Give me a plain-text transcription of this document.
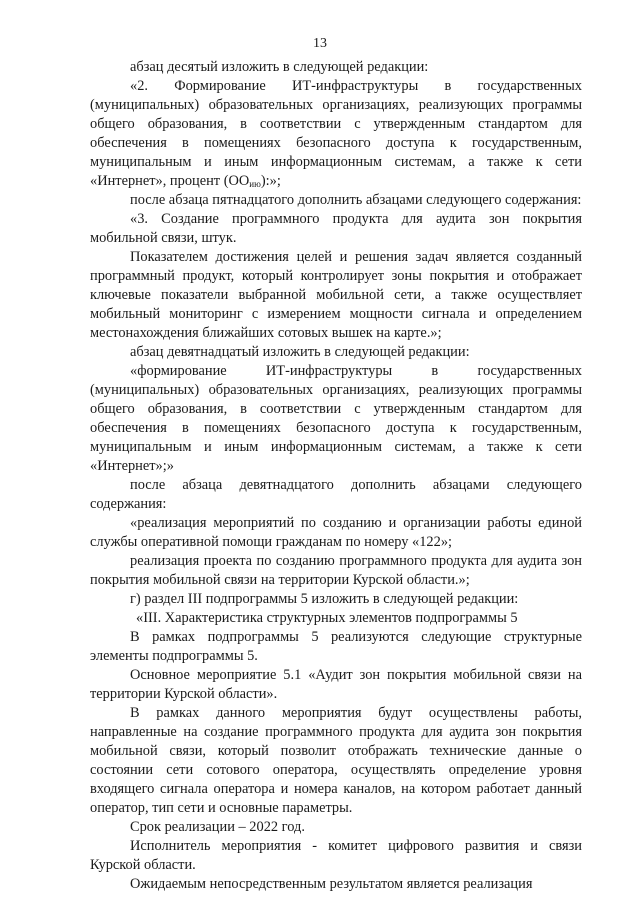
13

абзац десятый изложить в следующей редакции:

«2. Формирование ИТ-инфраструктуры в государственных (муниципальных) образовательных организациях, реализующих программы общего образования, в соответствии с утвержденным стандартом для обеспечения в помещениях безопасного доступа к государственным, муниципальным и иным информационным системам, а также к сети «Интернет», процент $(ОО_{ию})$:»;

после абзаца пятнадцатого дополнить абзацами следующего содержания:

«3. Создание программного продукта для аудита зон покрытия мобильной связи, штук.

Показателем достижения целей и решения задач является созданный программный продукт, который контролирует зоны покрытия и отображает ключевые показатели выбранной мобильной сети, а также осуществляет мобильный мониторинг с измерением мощности сигнала и определением местонахождения ближайших сотовых вышек на карте.»;

абзац девятнадцатый изложить в следующей редакции:

«формирование ИТ-инфраструктуры в государственных (муниципальных) образовательных организациях, реализующих программы общего образования, в соответствии с утвержденным стандартом для обеспечения в помещениях безопасного доступа к государственным, муниципальным и иным информационным системам, а также к сети «Интернет»;»

после абзаца девятнадцатого дополнить абзацами следующего содержания:

«реализация мероприятий по созданию и организации работы единой службы оперативной помощи гражданам по номеру «122»;

реализация проекта по созданию программного продукта для аудита зон покрытия мобильной связи на территории Курской области.»;

г) раздел III подпрограммы 5 изложить в следующей редакции:

«III. Характеристика структурных элементов подпрограммы 5

В рамках подпрограммы 5 реализуются следующие структурные элементы подпрограммы 5.

Основное мероприятие 5.1 «Аудит зон покрытия мобильной связи на территории Курской области».

В рамках данного мероприятия будут осуществлены работы, направленные на создание программного продукта для аудита зон покрытия мобильной связи, который позволит отображать технические данные о состоянии сети сотового оператора, осуществлять определение уровня входящего сигнала оператора и номера каналов, на котором работает данный оператор, тип сети и основные параметры.

Срок реализации – 2022 год.

Исполнитель мероприятия - комитет цифрового развития и связи Курской области.

Ожидаемым непосредственным результатом является реализация
